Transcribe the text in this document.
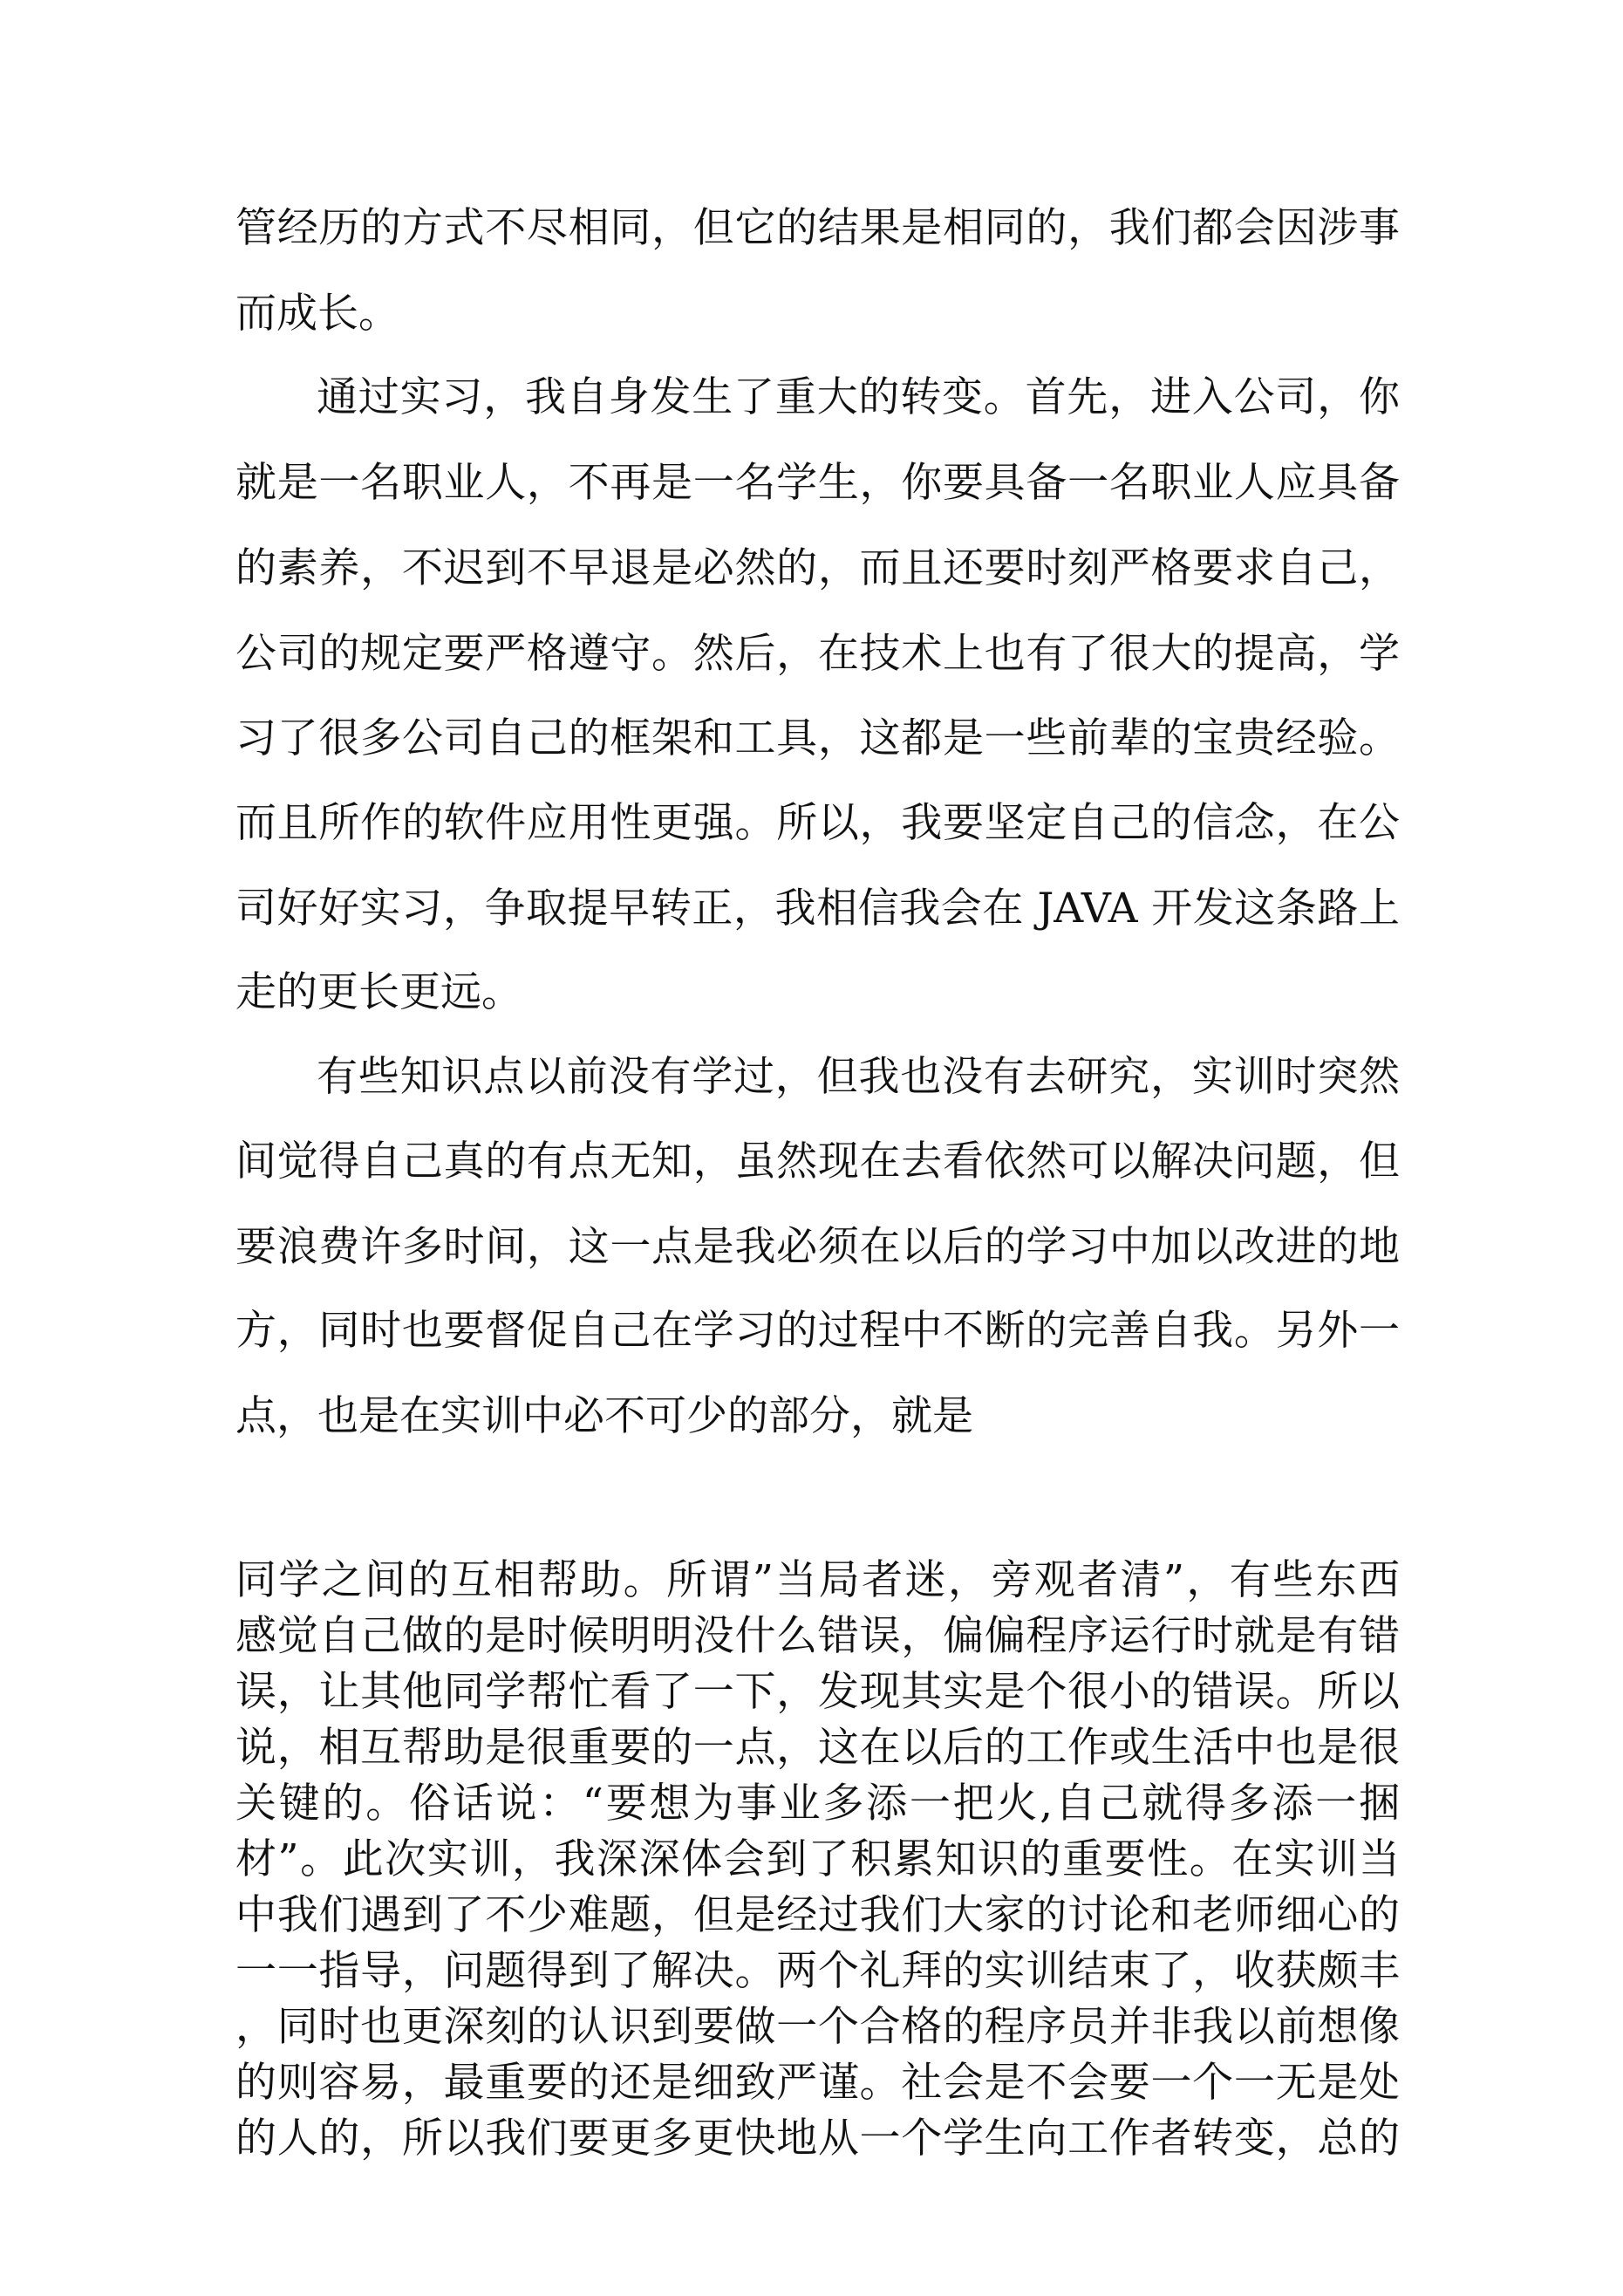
管经历的方式不尽相同，但它的结果是相同的，我们都会因涉事
而成长。
通过实习，我自身发生了重大的转变。首先，进入公司，你
就是一名职业人，不再是一名学生，你要具备一名职业人应具备
的素养，不迟到不早退是必然的，而且还要时刻严格要求自己，
公司的规定要严格遵守。然后，在技术上也有了很大的提高，学
习了很多公司自己的框架和工具，这都是一些前辈的宝贵经验。
而且所作的软件应用性更强。所以，我要坚定自己的信念，在公
司好好实习，争取提早转正，我相信我会在 JAVA 开发这条路上
走的更长更远。
有些知识点以前没有学过，但我也没有去研究，实训时突然
间觉得自己真的有点无知，虽然现在去看依然可以解决问题，但
要浪费许多时间，这一点是我必须在以后的学习中加以改进的地
方，同时也要督促自己在学习的过程中不断的完善自我。另外一
点，也是在实训中必不可少的部分，就是
同学之间的互相帮助。所谓”当局者迷，旁观者清”，有些东西
感觉自己做的是时候明明没什么错误，偏偏程序运行时就是有错
误，让其他同学帮忙看了一下，发现其实是个很小的错误。所以
说，相互帮助是很重要的一点，这在以后的工作或生活中也是很
关键的。俗话说：“要想为事业多添一把火,自己就得多添一捆
材”。此次实训，我深深体会到了积累知识的重要性。在实训当
中我们遇到了不少难题，但是经过我们大家的讨论和老师细心的
一一指导，问题得到了解决。两个礼拜的实训结束了，收获颇丰
，同时也更深刻的认识到要做一个合格的程序员并非我以前想像
的则容易，最重要的还是细致严谨。社会是不会要一个一无是处
的人的，所以我们要更多更快地从一个学生向工作者转变，总的
